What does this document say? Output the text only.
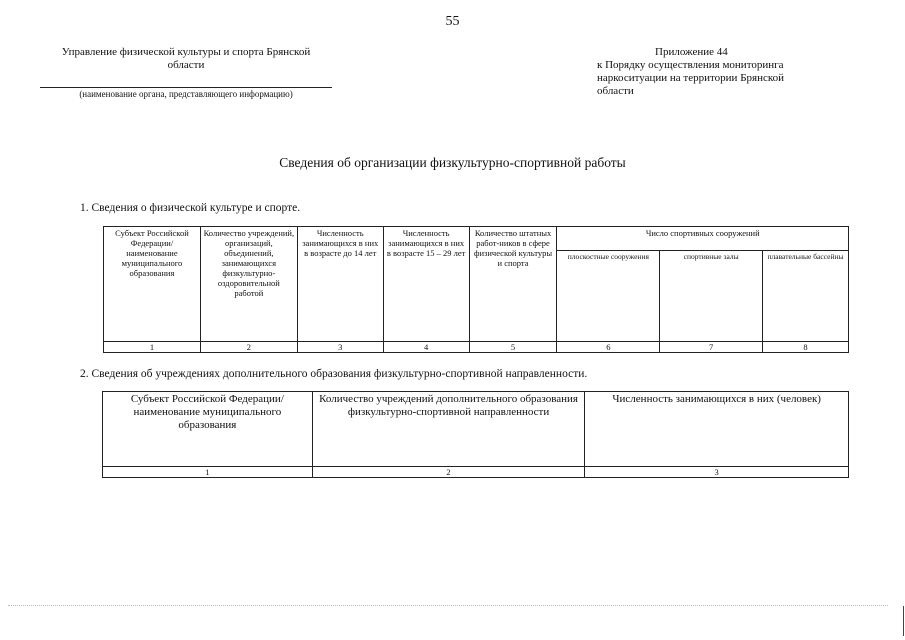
55
Управление физической культуры и спорта Брянской
области
(наименование органа, представляющего информацию)
Приложение 44
к Порядку осуществления мониторинга
наркоситуации на территории Брянской
области
Сведения об организации физкультурно-спортивной работы
1. Сведения о физической культуре и спорте.
Субъект Российской Федерации/ наименование муниципального образования	Количество учреждений, организаций, объединений, занимающихся физкультурно-оздоровительной работой	Численность занимающихся в них в возрасте до 14 лет	Численность занимающихся в них в возрасте 15 – 29 лет	Количество штатных работ-ников в сфере физической культуры и спорта	Число спортивных сооружений		
					плоскостные сооружения	спортивные залы	плавательные бассейны
1	2	3	4	5	6	7	8
2. Сведения об учреждениях дополнительного образования физкультурно-спортивной направленности.
Субъект Российской Федерации/ наименование муниципального образования	Количество учреждений дополнительного образования физкультурно-спортивной направленности	Численность занимающихся в них (человек)
1	2	3
